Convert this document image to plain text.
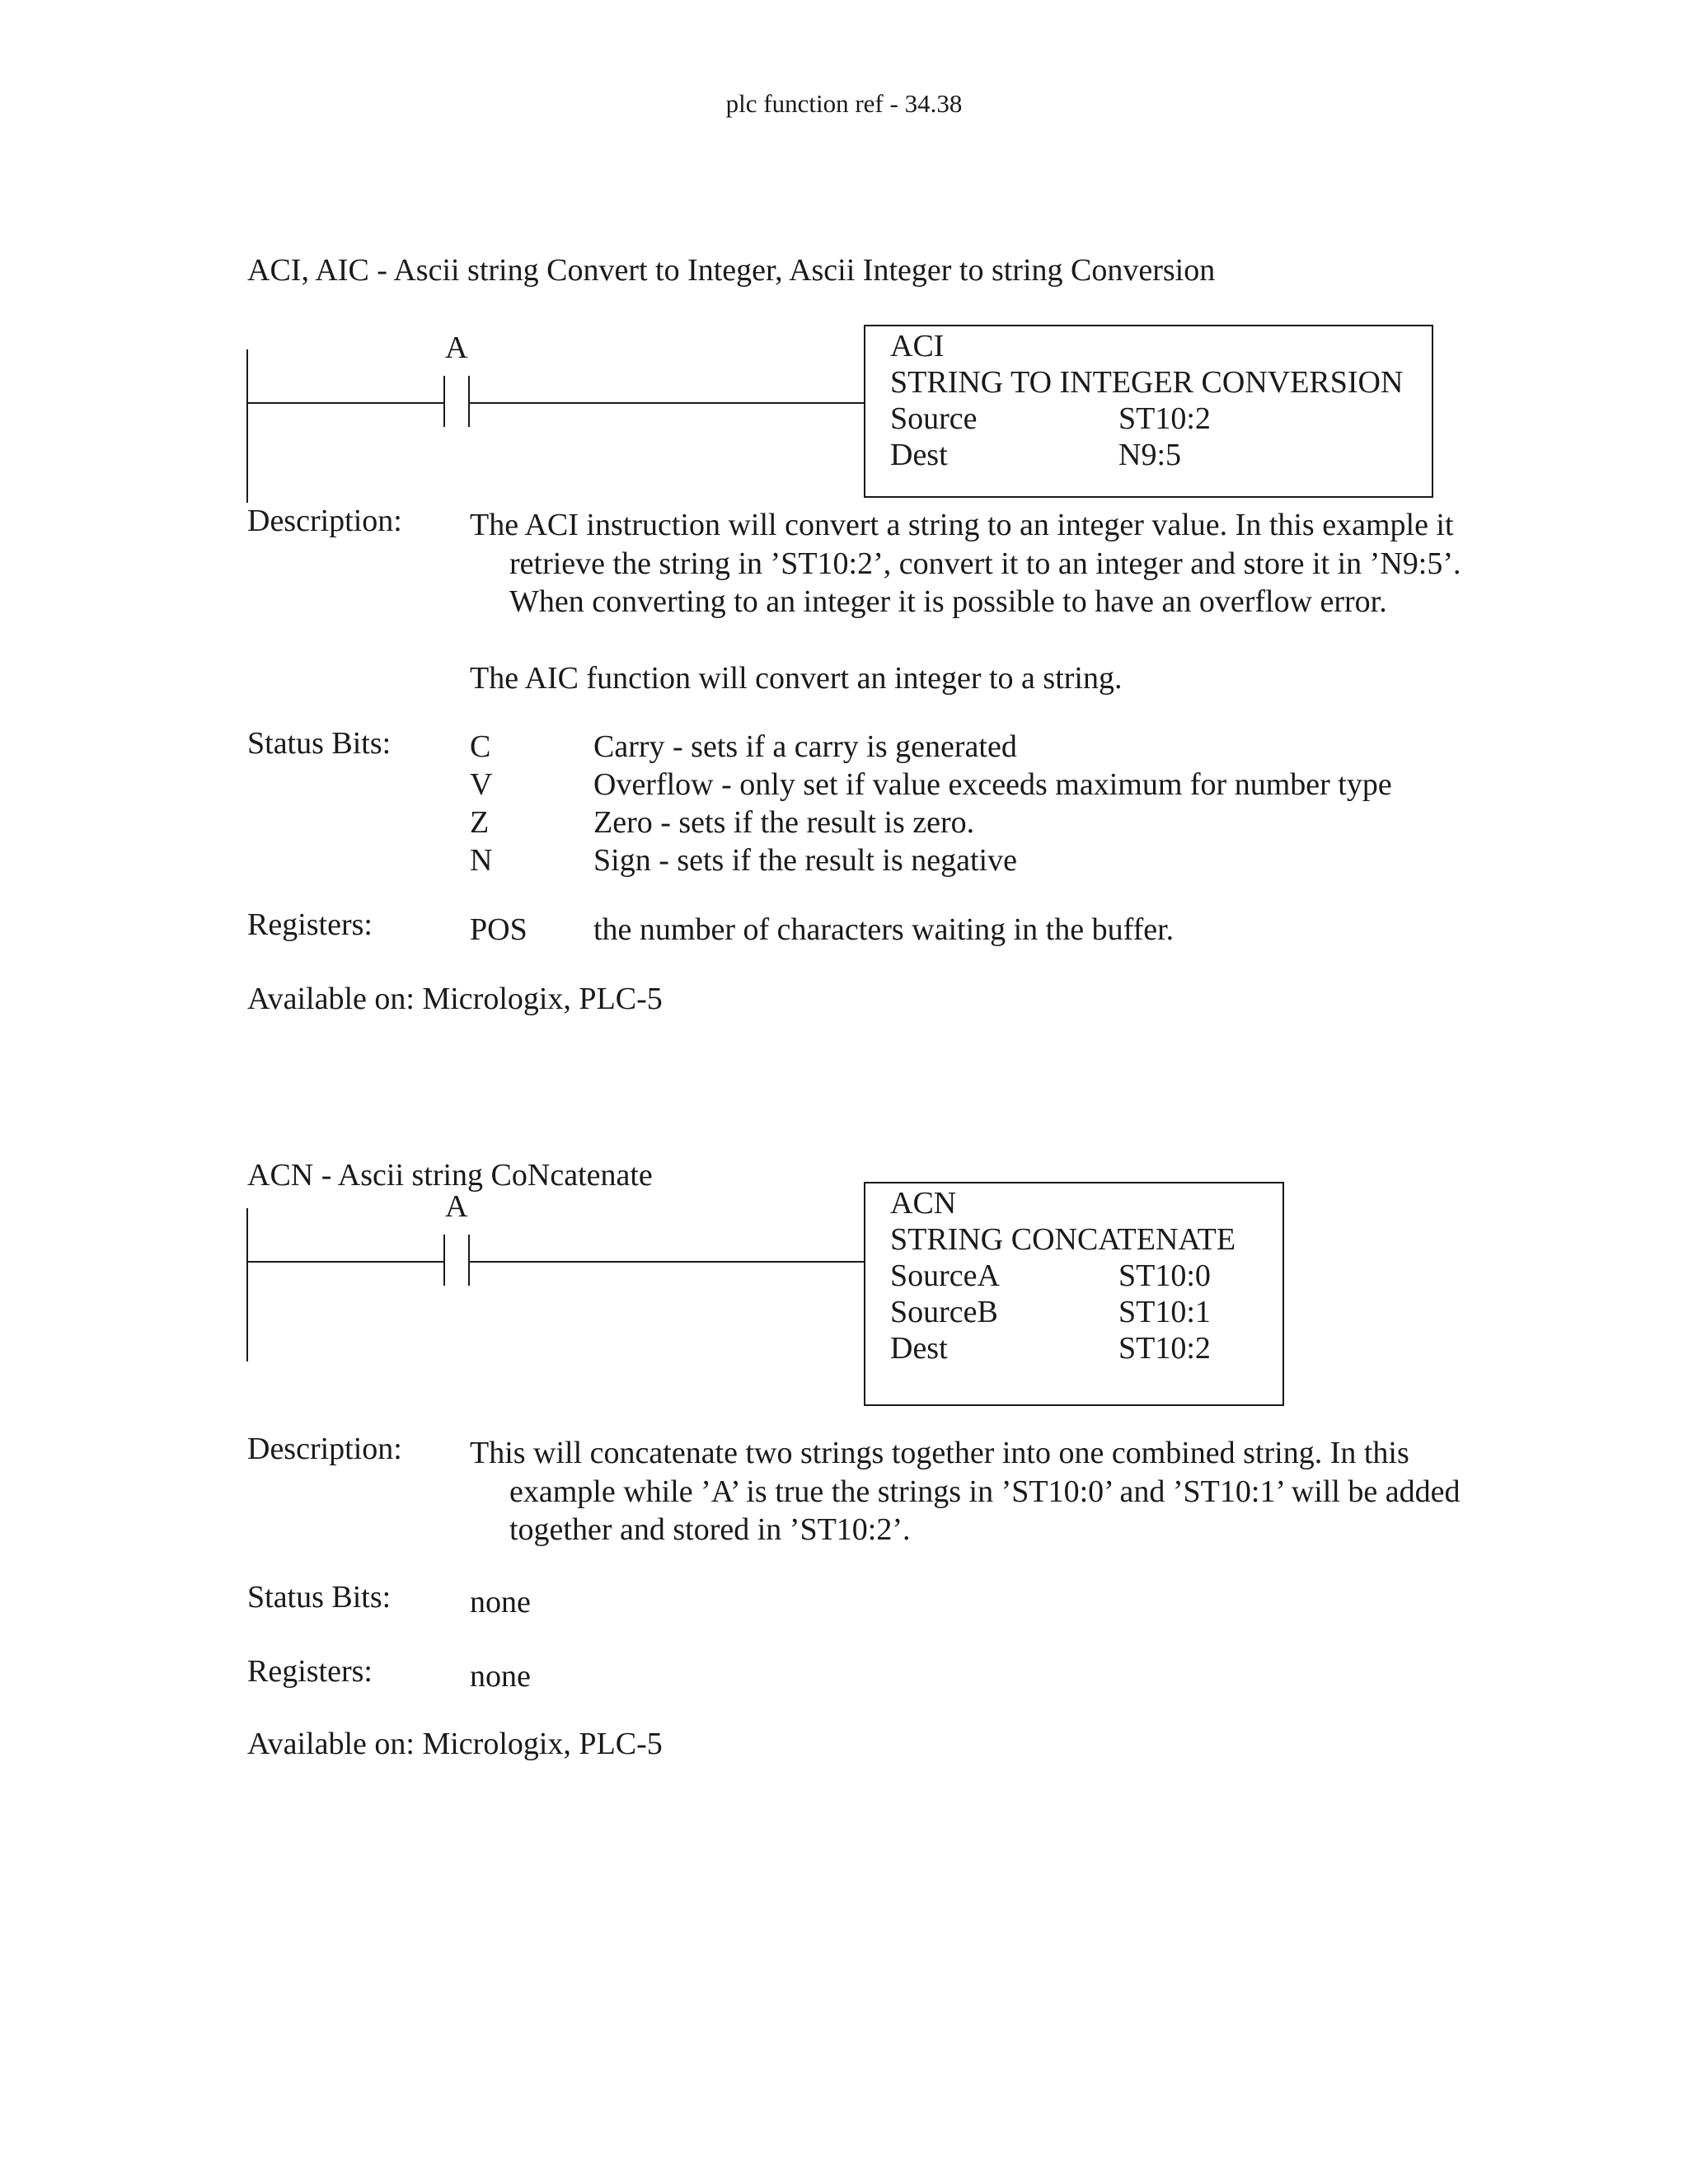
plc function ref - 34.38
ACI, AIC - Ascii string Convert to Integer, Ascii Integer to string Conversion
A	ACI
STRING TO INTEGER CONVERSION
Source	ST10:2
Dest	N9:5
Description: The ACI instruction will convert a string to an integer value. In this example it retrieve the string in ’ST10:2’, convert it to an integer and store it in ’N9:5’. When converting to an integer it is possible to have an overflow error.
The AIC function will convert an integer to a string.
Status Bits:	C	Carry - sets if a carry is generated
V	Overflow - only set if value exceeds maximum for number type
Z	Zero - sets if the result is zero.
N	Sign - sets if the result is negative
Registers:	POS the number of characters waiting in the buffer.
Available on: Micrologix, PLC-5
ACN - Ascii string CoNcatenate
A	ACN
STRING CONCATENATE
SourceA	ST10:0
SourceB	ST10:1
Dest	ST10:2
Description: This will concatenate two strings together into one combined string. In this example while ’A’ is true the strings in ’ST10:0’ and ’ST10:1’ will be added together and stored in ’ST10:2’.
Status Bits:	none
Registers:	none
Available on: Micrologix, PLC-5
